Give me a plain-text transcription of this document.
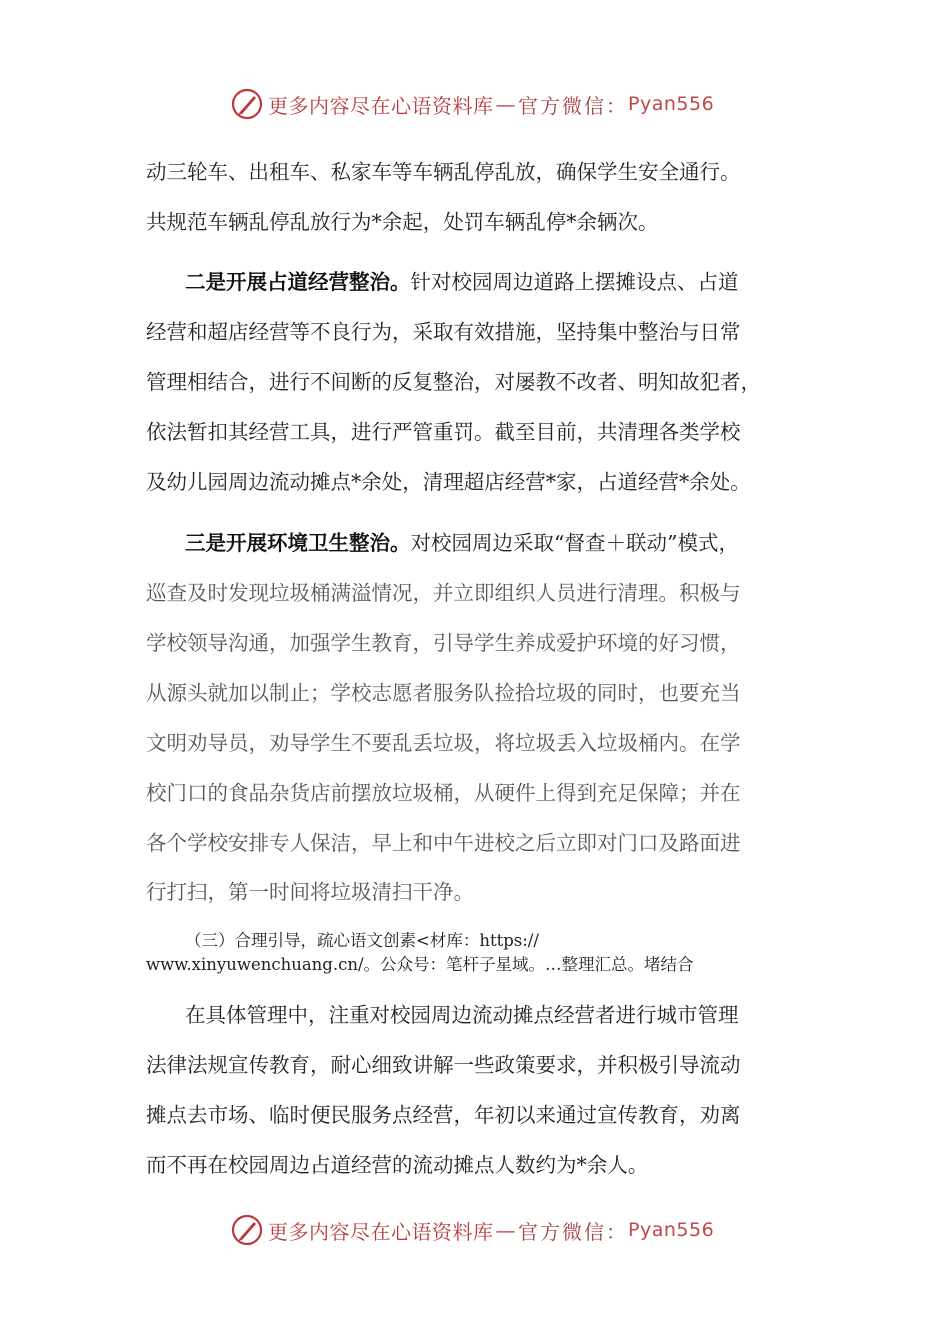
更多内容尽在心语资料库 — 官方微信： Pyan556

动三轮车、出租车、私家车等车辆乱停乱放，确保学生安全通行。

共规范车辆乱停乱放行为*余起，处罚车辆乱停*余辆次。

二是开展占道经营整治。针对校园周边道路上摆摊设点、占道

经营和超店经营等不良行为，采取有效措施，坚持集中整治与日常

管理相结合，进行不间断的反复整治，对屡教不改者、明知故犯者，

依法暂扣其经营工具，进行严管重罚。截至目前，共清理各类学校

及幼儿园周边流动摊点*余处，清理超店经营*家，占道经营*余处。

三是开展环境卫生整治。对校园周边采取“督查＋联动”模式，

巡查及时发现垃圾桶满溢情况，并立即组织人员进行清理。积极与

学校领导沟通，加强学生教育，引导学生养成爱护环境的好习惯，

从源头就加以制止；学校志愿者服务队捡拾垃圾的同时，也要充当

文明劝导员，劝导学生不要乱丢垃圾，将垃圾丢入垃圾桶内。在学

校门口的食品杂货店前摆放垃圾桶，从硬件上得到充足保障；并在

各个学校安排专人保洁，早上和中午进校之后立即对门口及路面进

行打扫，第一时间将垃圾清扫干净。

（三）合理引导，疏心语文创素<材库：https://

www.xinyuwenchuang.cn/。公众号：笔杆子星域。…整理汇总。堵结合

在具体管理中，注重对校园周边流动摊点经营者进行城市管理

法律法规宣传教育，耐心细致讲解一些政策要求，并积极引导流动

摊点去市场、临时便民服务点经营，年初以来通过宣传教育，劝离

而不再在校园周边占道经营的流动摊点人数约为*余人。

更多内容尽在心语资料库 — 官方微信： Pyan556
